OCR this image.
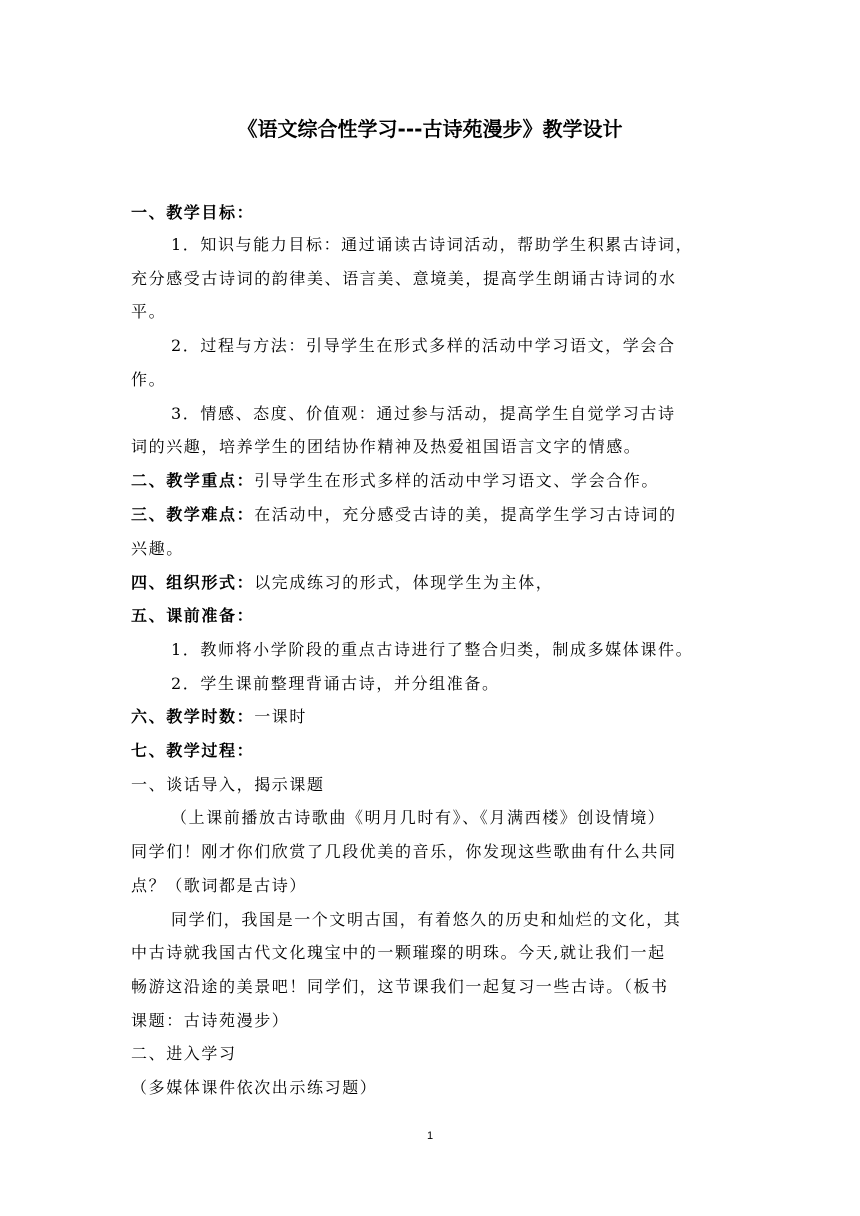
《语文综合性学习---古诗苑漫步》教学设计
一、教学目标：
1．知识与能力目标：通过诵读古诗词活动，帮助学生积累古诗词，
充分感受古诗词的韵律美、语言美、意境美，提高学生朗诵古诗词的水
平。
2．过程与方法：引导学生在形式多样的活动中学习语文，学会合
作。
3．情感、态度、价值观：通过参与活动，提高学生自觉学习古诗
词的兴趣，培养学生的团结协作精神及热爱祖国语言文字的情感。
二、教学重点：引导学生在形式多样的活动中学习语文、学会合作。
三、教学难点：在活动中，充分感受古诗的美，提高学生学习古诗词的
兴趣。
四、组织形式：以完成练习的形式，体现学生为主体，
五、课前准备：
1．教师将小学阶段的重点古诗进行了整合归类，制成多媒体课件。
2．学生课前整理背诵古诗，并分组准备。
六、教学时数：一课时
七、教学过程：
一、谈话导入，揭示课题
（上课前播放古诗歌曲《明月几时有》、《月满西楼》创设情境）
同学们！刚才你们欣赏了几段优美的音乐，你发现这些歌曲有什么共同
点？（歌词都是古诗）
同学们，我国是一个文明古国，有着悠久的历史和灿烂的文化，其
中古诗就我国古代文化瑰宝中的一颗璀璨的明珠。今天,就让我们一起
畅游这沿途的美景吧！同学们，这节课我们一起复习一些古诗。（板书
课题：古诗苑漫步）
二、进入学习
（多媒体课件依次出示练习题）
1
